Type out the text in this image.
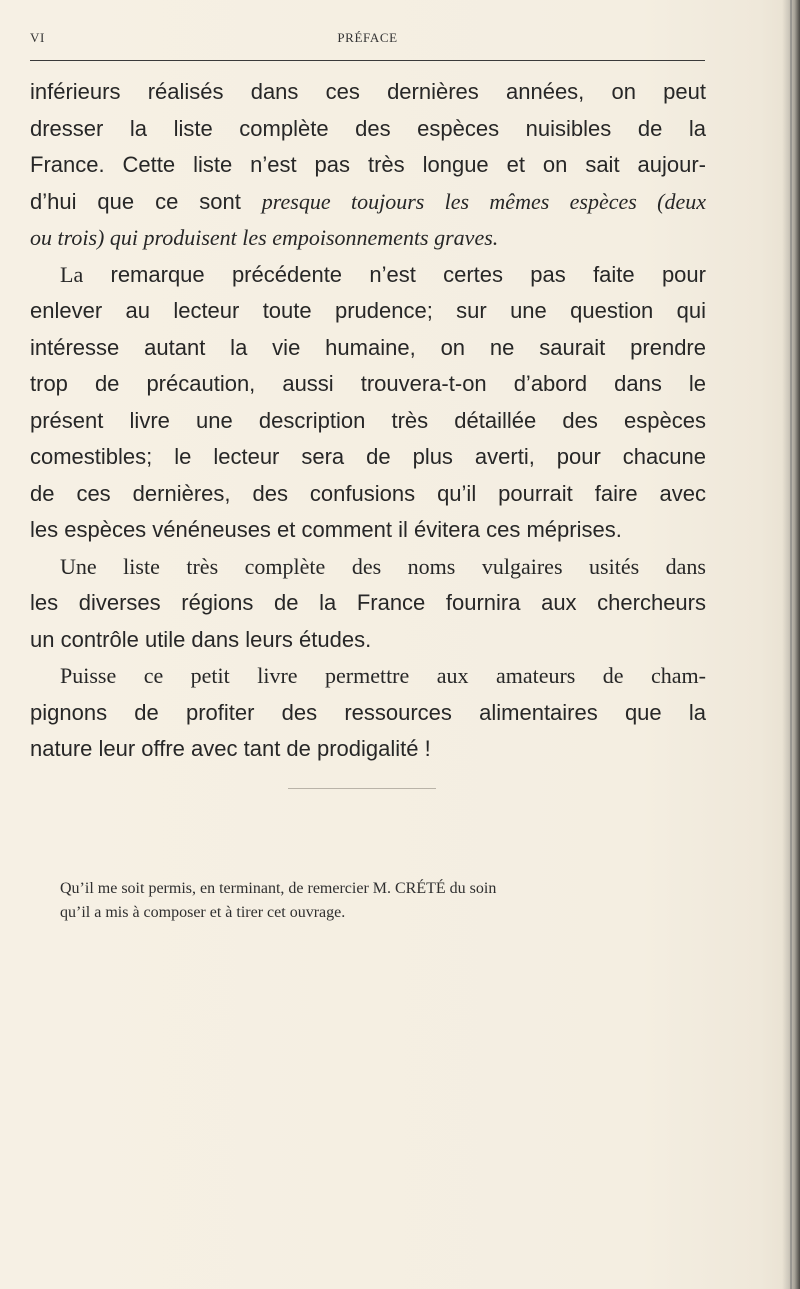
VI	PRÉFACE
inférieurs réalisés dans ces dernières années, on peut
dresser la liste complète des espèces nuisibles de la
France. Cette liste n’est pas très longue et on sait aujour-
d’hui que ce sont presque toujours les mêmes espèces (deux
ou trois) qui produisent les empoisonnements graves.
La remarque précédente n’est certes pas faite pour
enlever au lecteur toute prudence; sur une question qui
intéresse autant la vie humaine, on ne saurait prendre
trop de précaution, aussi trouvera-t-on d’abord dans le
présent livre une description très détaillée des espèces
comestibles; le lecteur sera de plus averti, pour chacune
de ces dernières, des confusions qu’il pourrait faire avec
les espèces vénéneuses et comment il évitera ces méprises.
Une liste très complète des noms vulgaires usités dans
les diverses régions de la France fournira aux chercheurs
un contrôle utile dans leurs études.
Puisse ce petit livre permettre aux amateurs de cham-
pignons de profiter des ressources alimentaires que la
nature leur offre avec tant de prodigalité !
Qu’il me soit permis, en terminant, de remercier M. CRÉTÉ du soin
qu’il a mis à composer et à tirer cet ouvrage.
